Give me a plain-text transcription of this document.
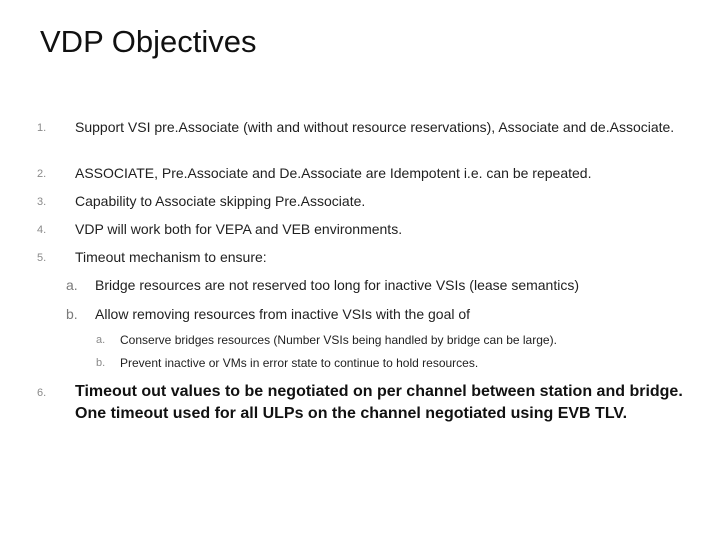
VDP Objectives
1. Support VSI pre.Associate (with and without resource reservations), Associate and de.Associate.
2. ASSOCIATE, Pre.Associate and De.Associate are Idempotent i.e. can be repeated.
3. Capability to Associate skipping Pre.Associate.
4. VDP will work both for VEPA and VEB environments.
5. Timeout mechanism to ensure:
a. Bridge resources are not reserved too long for inactive VSIs (lease semantics)
b. Allow removing resources from inactive VSIs with the goal of
a. Conserve bridges resources (Number VSIs being handled by bridge can be large).
b. Prevent inactive or VMs in error state to continue to hold resources.
6. Timeout out values to be negotiated on per channel between station and bridge. One timeout used for all ULPs on the channel negotiated using EVB TLV.
